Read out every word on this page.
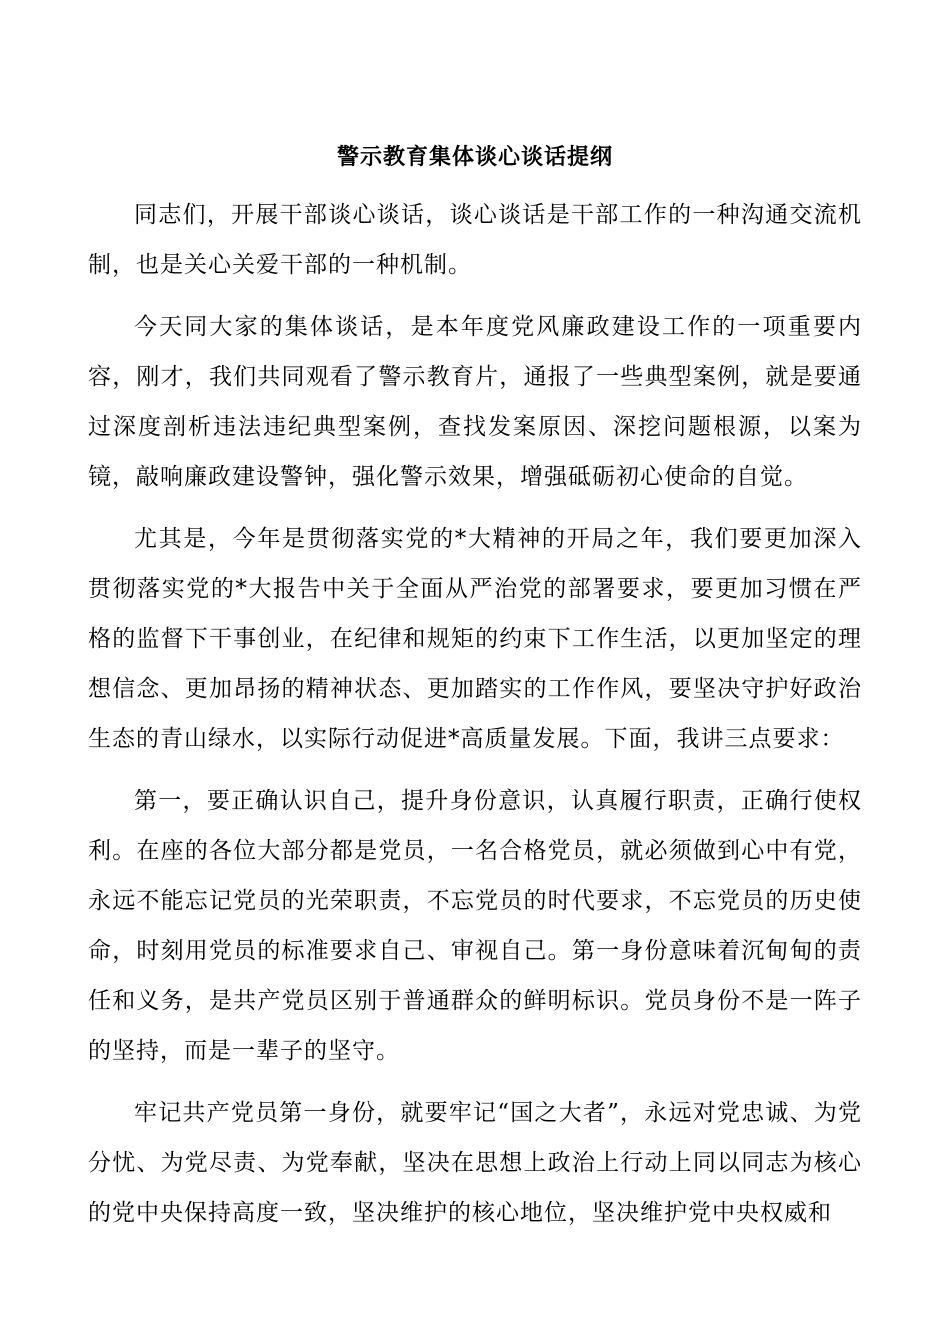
警示教育集体谈心谈话提纲

同志们，开展干部谈心谈话，谈心谈话是干部工作的一种沟通交流机制，也是关心关爱干部的一种机制。

今天同大家的集体谈话，是本年度党风廉政建设工作的一项重要内容，刚才，我们共同观看了警示教育片，通报了一些典型案例，就是要通过深度剖析违法违纪典型案例，查找发案原因、深挖问题根源，以案为镜，敲响廉政建设警钟，强化警示效果，增强砥砺初心使命的自觉。

尤其是，今年是贯彻落实党的*大精神的开局之年，我们要更加深入贯彻落实党的*大报告中关于全面从严治党的部署要求，要更加习惯在严格的监督下干事创业，在纪律和规矩的约束下工作生活，以更加坚定的理想信念、更加昂扬的精神状态、更加踏实的工作作风，要坚决守护好政治生态的青山绿水，以实际行动促进*高质量发展。下面，我讲三点要求：

第一，要正确认识自己，提升身份意识，认真履行职责，正确行使权利。在座的各位大部分都是党员，一名合格党员，就必须做到心中有党，永远不能忘记党员的光荣职责，不忘党员的时代要求，不忘党员的历史使命，时刻用党员的标准要求自己、审视自己。第一身份意味着沉甸甸的责任和义务，是共产党员区别于普通群众的鲜明标识。党员身份不是一阵子的坚持，而是一辈子的坚守。

牢记共产党员第一身份，就要牢记“国之大者”，永远对党忠诚、为党分忧、为党尽责、为党奉献，坚决在思想上政治上行动上同以同志为核心的党中央保持高度一致，坚决维护的核心地位，坚决维护党中央权威和
